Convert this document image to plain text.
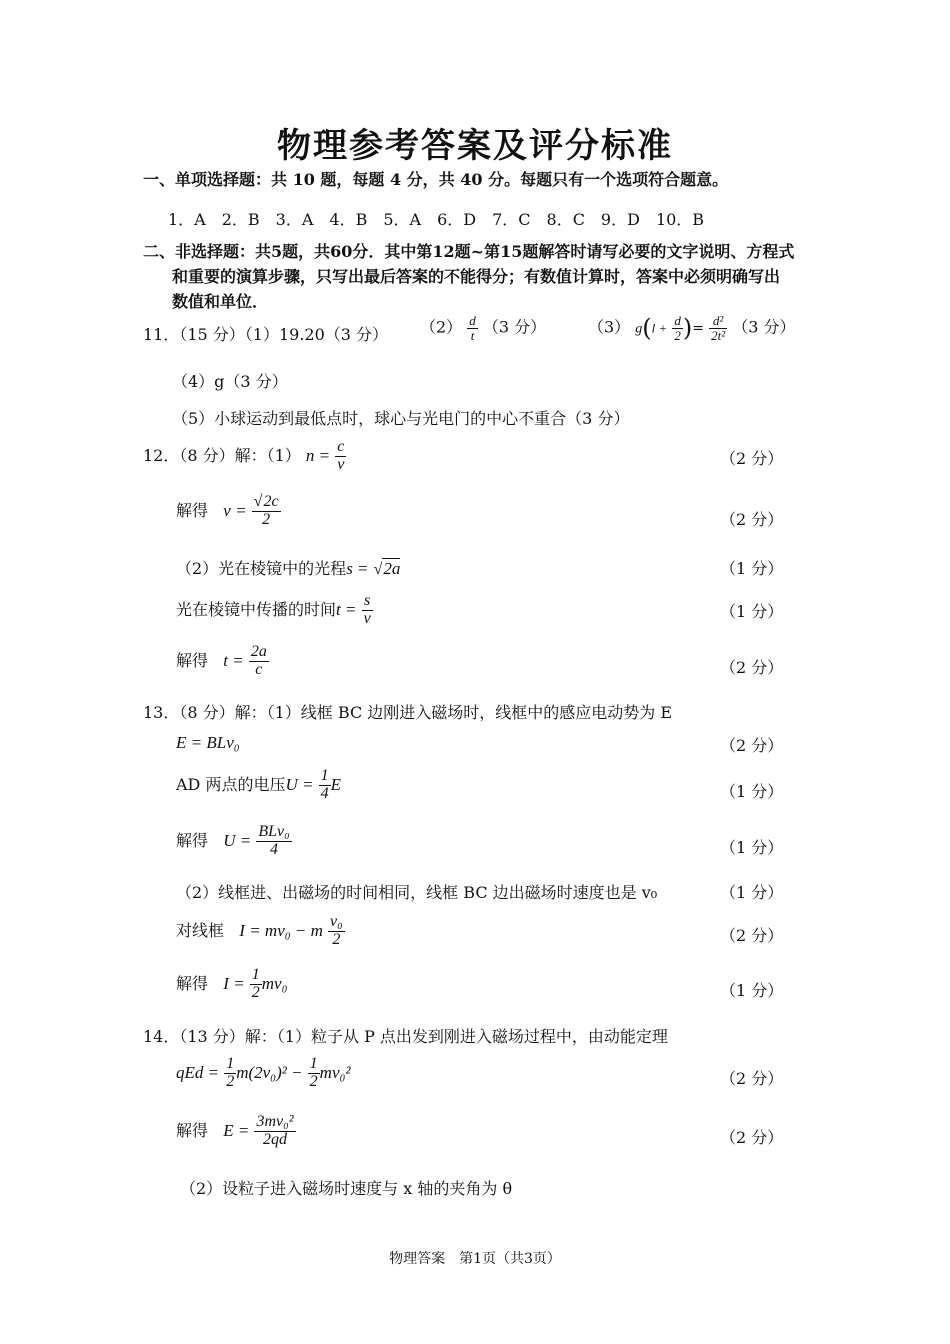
物理参考答案及评分标准
一、单项选择题：共 10 题，每题 4 分，共 40 分。每题只有一个选项符合题意。
1．A　2．B　3．A　4．B　5．A　6．D　7．C　8．C　9．D　10．B
二、非选择题：共5题，共60分．其中第12题~第15题解答时请写必要的文字说明、方程式
和重要的演算步骤，只写出最后答案的不能得分；有数值计算时，答案中必须明确写出
数值和单位．
11．（15 分）（1）19.20（3 分） $(2) \frac{d}{t} (3$ 分）	（3） $g(l + \frac{d}{2}$ )= $\frac{\text{d²}}{\text{2t²}} (3$ 分）
（4）g（3 分）
（5）小球运动到最低点时，球心与光电门的中心不重合（3 分）
12．（8 分）解：（1） $n = \frac{c}{v}$	（2 分）
解得 $v = \frac{√2c}{2}$	（2 分）
（2）光在棱镜中的光程s = √2a	（1 分）
光在棱镜中传播的时间$t = \frac{s}{v}$	（1 分）
解得 $t = \frac{2a}{c}$	（2 分）
13．（8 分）解：（1）线框 BC 边刚进入磁场时，线框中的感应电动势为 E
E = BLv₀	（2 分）
AD 两点的电压$U = \frac{1}{4}$ E	（1 分）
解得 $U = \frac{\text{BLv₀}}{4}$	（1 分）
（2）线框进、出磁场的时间相同，线框 BC 边出磁场时速度也是 v₀	（1 分）
对线框 I = mv₀ − m $\frac{\text{v₀}}{2}$	（2 分）
解得 $I = \frac{1}{2} mv_0$	（1 分）
14．（13 分）解：（1）粒子从 P 点出发到刚进入磁场过程中，由动能定理
qEd = $\frac{1}{2} m(2v_0)^2 - \frac{1}{2} mv_0^2$	（2 分）
解得 $E = \frac{\text{3mv₀²}}{2qd}$	（2 分）
（2）设粒子进入磁场时速度与 x 轴的夹角为 θ
物理答案　第1页（共3页）
